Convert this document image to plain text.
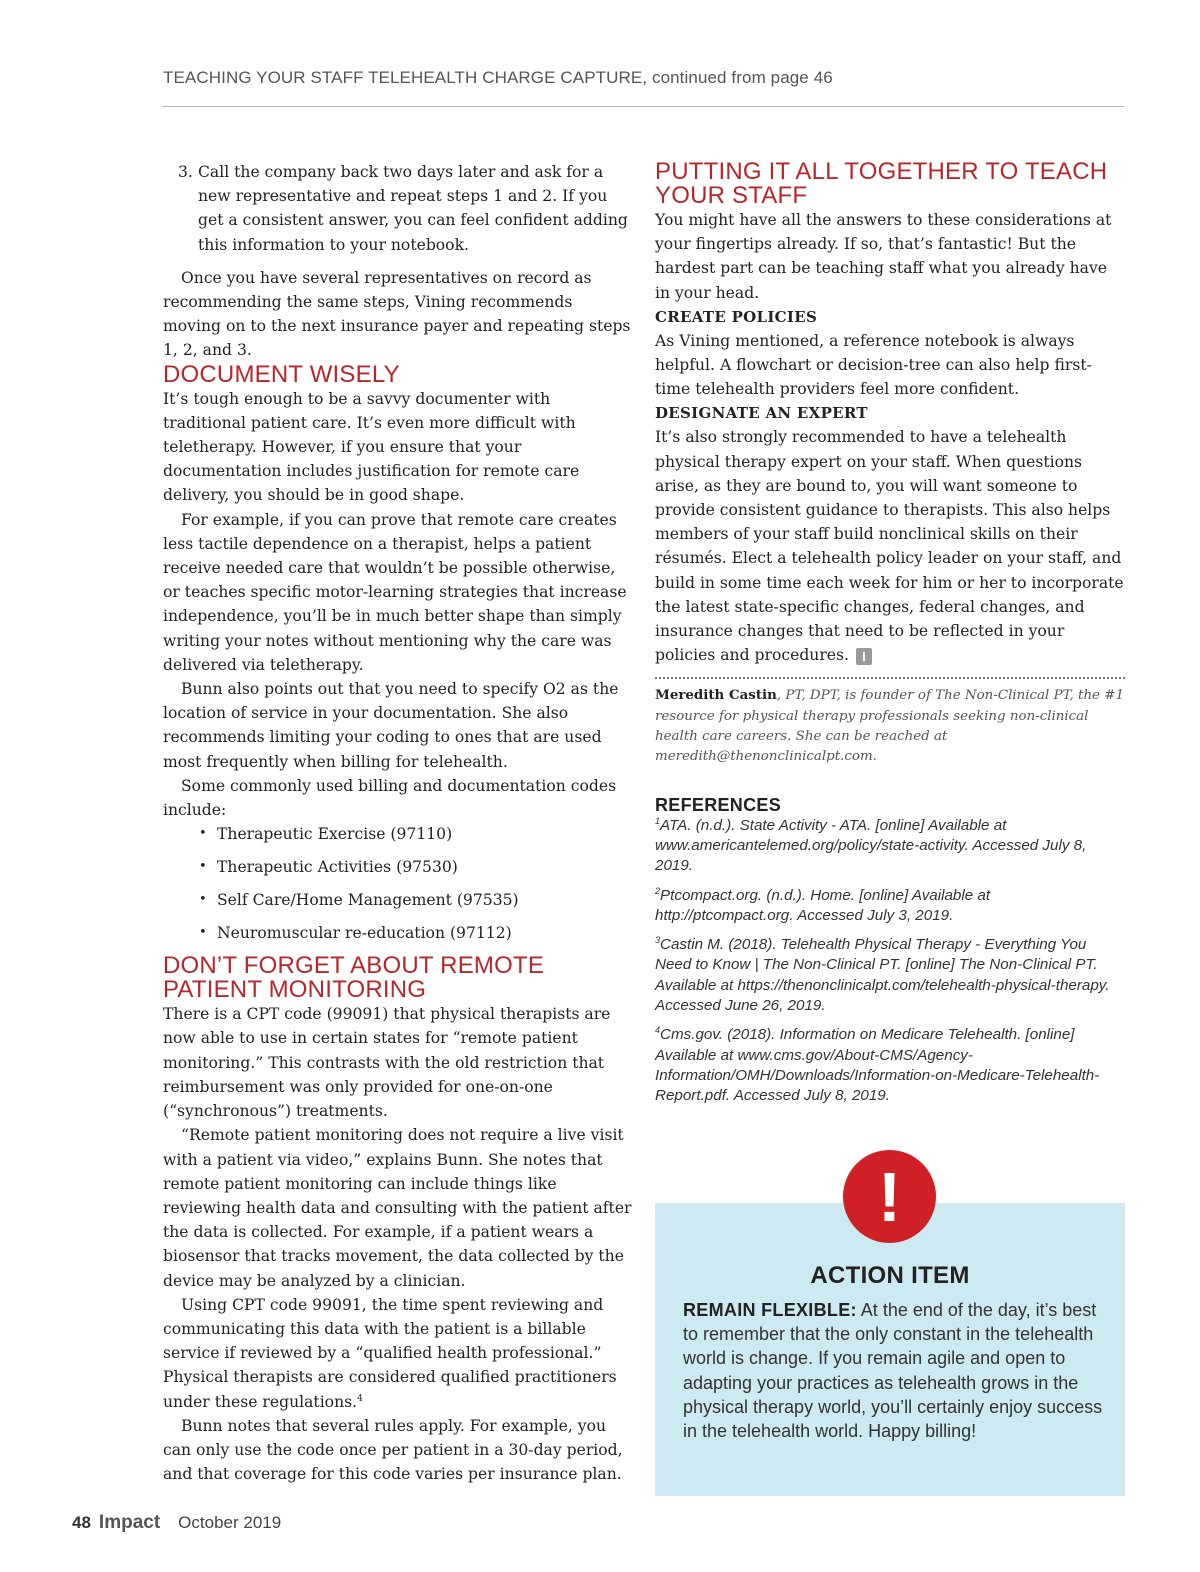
TEACHING YOUR STAFF TELEHEALTH CHARGE CAPTURE, continued from page 46
3. Call the company back two days later and ask for a new representative and repeat steps 1 and 2. If you get a consistent answer, you can feel confident adding this information to your notebook.

Once you have several representatives on record as recommending the same steps, Vining recommends moving on to the next insurance payer and repeating steps 1, 2, and 3.

DOCUMENT WISELY

It’s tough enough to be a savvy documenter with traditional patient care. It’s even more difficult with teletherapy. However, if you ensure that your documentation includes justification for remote care delivery, you should be in good shape.

For example, if you can prove that remote care creates less tactile dependence on a therapist, helps a patient receive needed care that wouldn’t be possible otherwise, or teaches specific motor-learning strategies that increase independence, you’ll be in much better shape than simply writing your notes without mentioning why the care was delivered via teletherapy.

Bunn also points out that you need to specify O2 as the location of service in your documentation. She also recommends limiting your coding to ones that are used most frequently when billing for telehealth.

Some commonly used billing and documentation codes include:

• Therapeutic Exercise (97110)
• Therapeutic Activities (97530)
• Self Care/Home Management (97535)
• Neuromuscular re-education (97112)
DON’T FORGET ABOUT REMOTE PATIENT MONITORING

There is a CPT code (99091) that physical therapists are now able to use in certain states for “remote patient monitoring.” This contrasts with the old restriction that reimbursement was only provided for one-on-one (“synchronous”) treatments.

“Remote patient monitoring does not require a live visit with a patient via video,” explains Bunn. She notes that remote patient monitoring can include things like reviewing health data and consulting with the patient after the data is collected. For example, if a patient wears a biosensor that tracks movement, the data collected by the device may be analyzed by a clinician.

Using CPT code 99091, the time spent reviewing and communicating this data with the patient is a billable service if reviewed by a “qualified health professional.” Physical therapists are considered qualified practitioners under these regulations.$^4$

Bunn notes that several rules apply. For example, you can only use the code once per patient in a 30-day period, and that coverage for this code varies per insurance plan.

PUTTING IT ALL TOGETHER TO TEACH YOUR STAFF

You might have all the answers to these considerations at your fingertips already. If so, that’s fantastic! But the hardest part can be teaching staff what you already have in your head.

CREATE POLICIES

As Vining mentioned, a reference notebook is always helpful. A flowchart or decision-tree can also help first-time telehealth providers feel more confident.

DESIGNATE AN EXPERT

It’s also strongly recommended to have a telehealth physical therapy expert on your staff. When questions arise, as they are bound to, you will want someone to provide consistent guidance to therapists. This also helps members of your staff build nonclinical skills on their résumés. Elect a telehealth policy leader on your staff, and build in some time each week for him or her to incorporate the latest state-specific changes, federal changes, and insurance changes that need to be reflected in your policies and procedures. I

Meredith Castin, PT, DPT, is founder of The Non-Clinical PT, the #1 resource for physical therapy professionals seeking non-clinical health care careers. She can be reached at meredith@thenonclinicalpt.com.

REFERENCES

$^1$ATA. (n.d.). State Activity - ATA. [online] Available at www.americantelemed.org/policy/state-activity. Accessed July 8, 2019.

$^2$Ptcompact.org. (n.d.). Home. [online] Available at http://ptcompact.org. Accessed July 3, 2019.

$^3$Castin M. (2018). Telehealth Physical Therapy - Everything You Need to Know | The Non-Clinical PT. [online] The Non-Clinical PT. Available at https://thenonclinicalpt.com/telehealth-physical-therapy. Accessed June 26, 2019.

$^4$Cms.gov. (2018). Information on Medicare Telehealth. [online] Available at www.cms.gov/About-CMS/Agency-Information/OMH/Downloads/Information-on-Medicare-Telehealth-Report.pdf. Accessed July 8, 2019.

!
ACTION ITEM
REMAIN FLEXIBLE: At the end of the day, it’s best to remember that the only constant in the telehealth world is change. If you remain agile and open to adapting your practices as telehealth grows in the physical therapy world, you’ll certainly enjoy success in the telehealth world. Happy billing!
48 Impact October 2019
